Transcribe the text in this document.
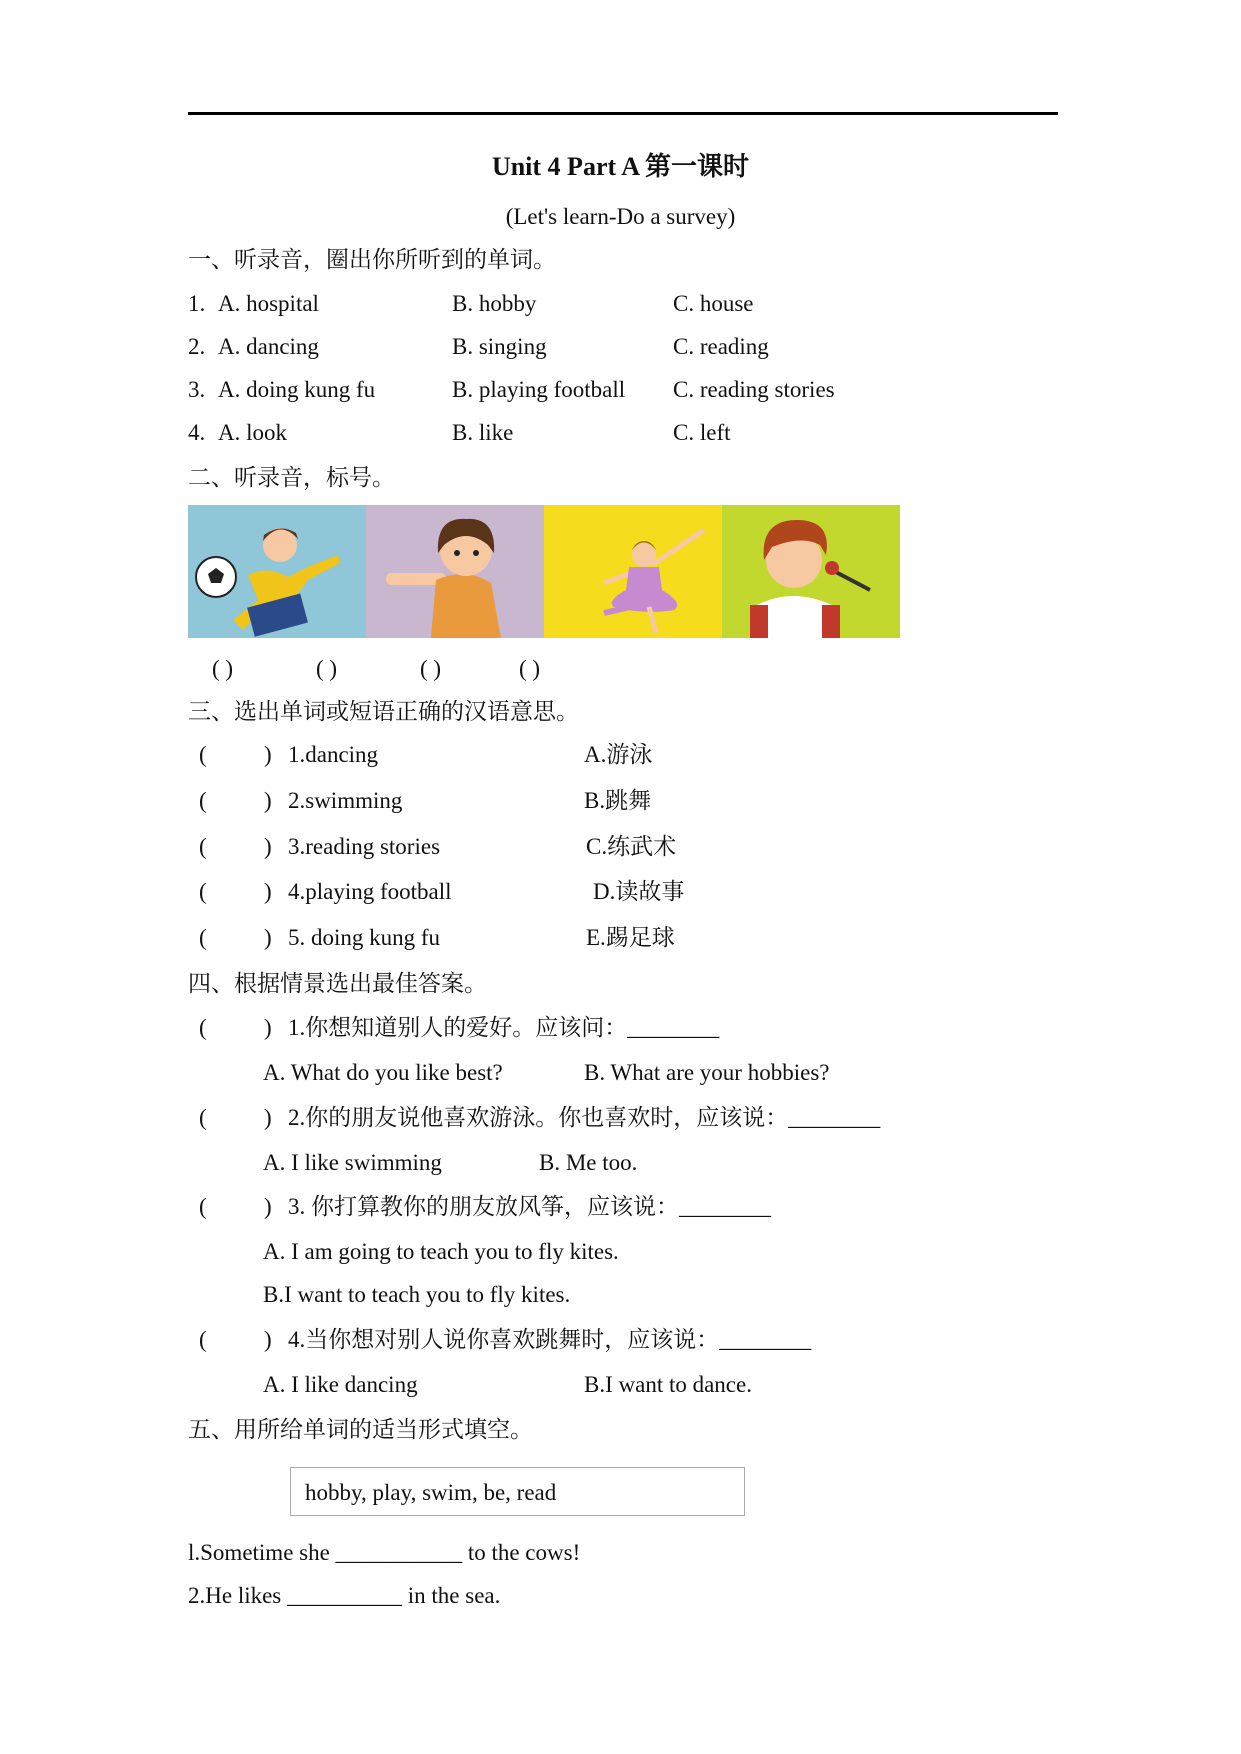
Unit 4 Part A 第一课时
(Let's learn-Do a survey)
一、听录音，圈出你所听到的单词。
1. A. hospital	B. hobby	C. house
2. A. dancing	B. singing	C. reading
3. A. doing kung fu	B. playing football C. reading stories
4. A. look	B. like	C. left
二、听录音，标号。
( )	( )	( )	( )
三、选出单词或短语正确的汉语意思。
( ) 1.dancing	A.游泳
( ) 2.swimming	B.跳舞
( ) 3.reading stories	C.练武术
( ) 4.playing football	D.读故事
( ) 5. doing kung fu	E.踢足球
四、根据情景选出最佳答案。
( ) 1.你想知道别人的爱好。应该问：________
A. What do you like best?	B. What are your hobbies?
( ) 2.你的朋友说他喜欢游泳。你也喜欢时，应该说：________
A. I like swimming	B. Me too.
( ) 3. 你打算教你的朋友放风筝，应该说：________
A. I am going to teach you to fly kites.
B.I want to teach you to fly kites.
( ) 4.当你想对别人说你喜欢跳舞时，应该说：________
A. I like dancing	B.I want to dance.
五、用所给单词的适当形式填空。
hobby, play, swim, be, read
l.Sometime she ___________ to the cows!
2.He likes __________ in the sea.
